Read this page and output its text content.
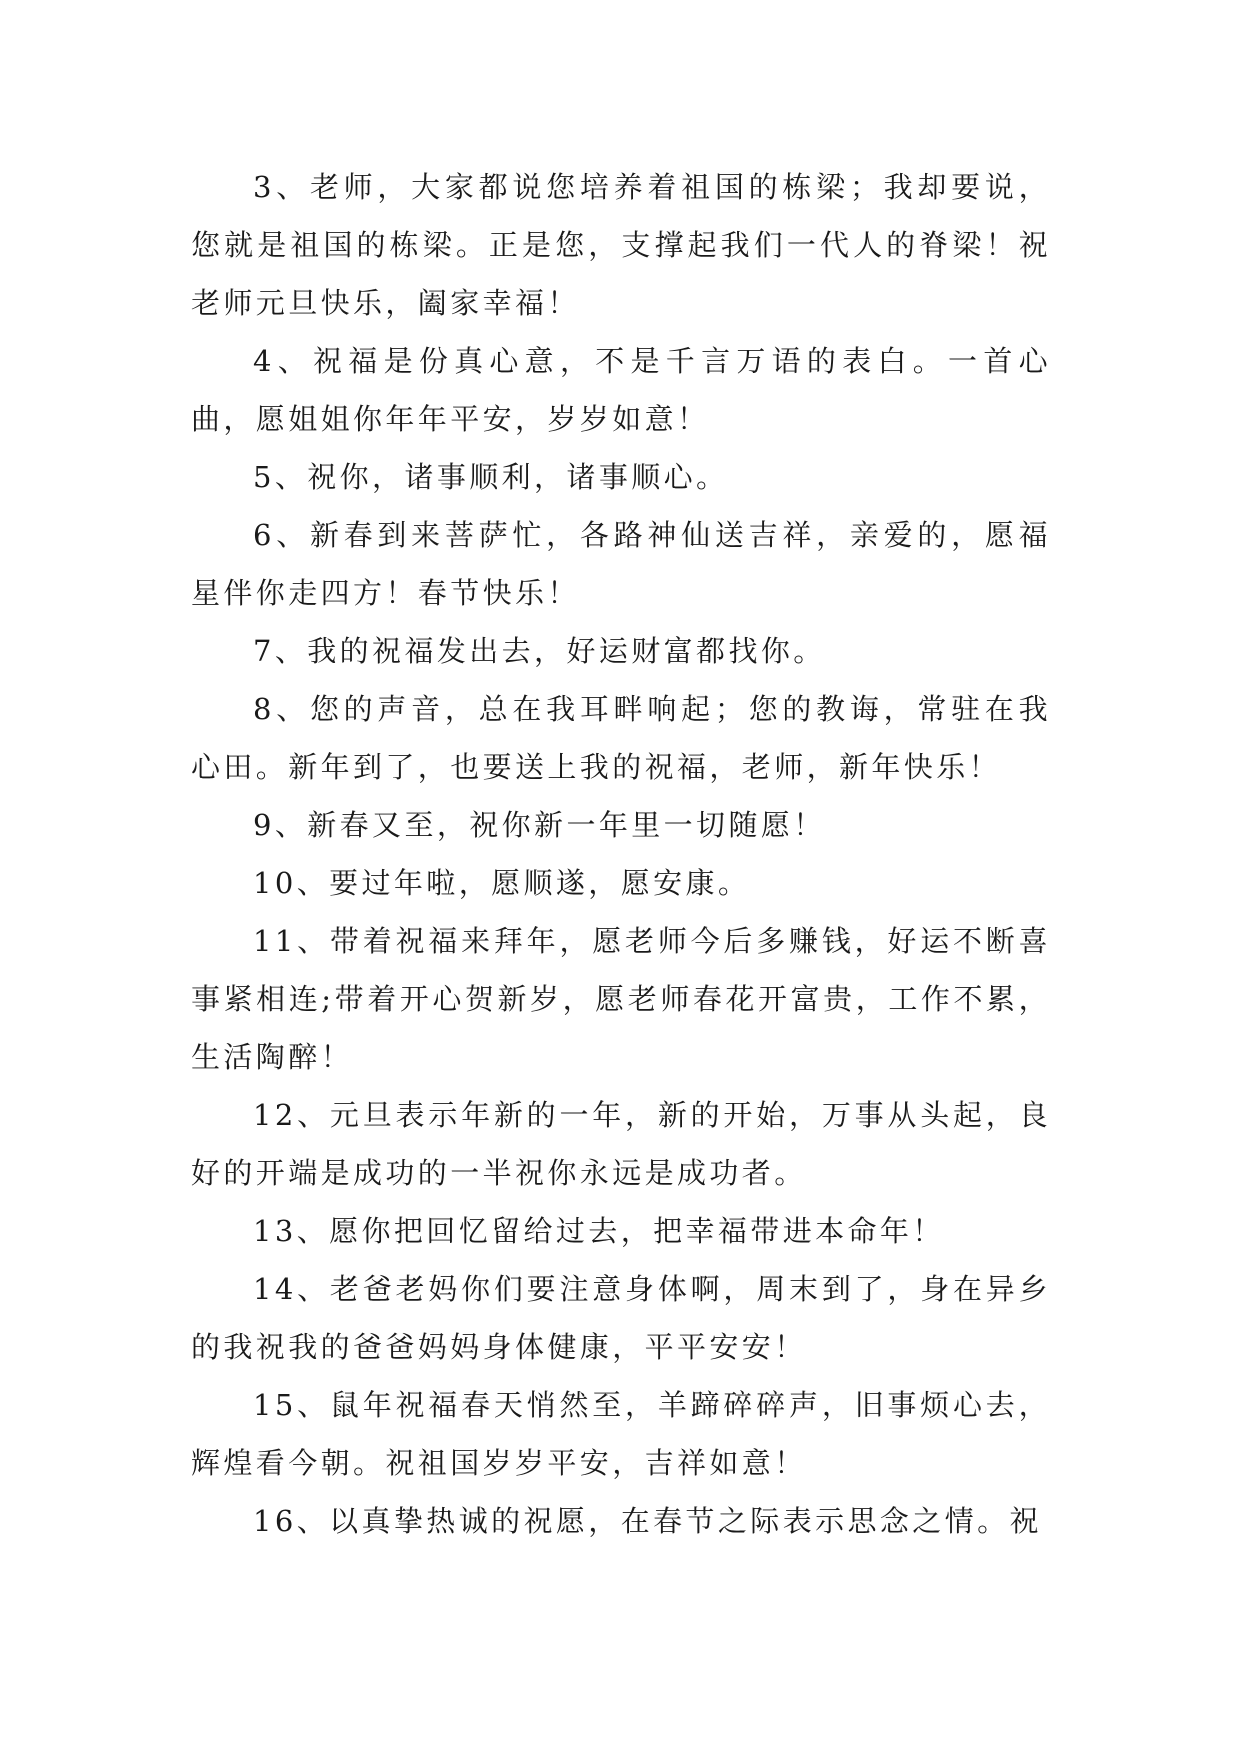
3、老师，大家都说您培养着祖国的栋梁；我却要说，您就是祖国的栋梁。正是您，支撑起我们一代人的脊梁！祝老师元旦快乐，阖家幸福！

4、祝福是份真心意，不是千言万语的表白。一首心曲，愿姐姐你年年平安，岁岁如意！

5、祝你，诸事顺利，诸事顺心。

6、新春到来菩萨忙，各路神仙送吉祥，亲爱的，愿福星伴你走四方！春节快乐！

7、我的祝福发出去，好运财富都找你。

8、您的声音，总在我耳畔响起；您的教诲，常驻在我心田。新年到了，也要送上我的祝福，老师，新年快乐！

9、新春又至，祝你新一年里一切随愿！

10、要过年啦，愿顺遂，愿安康。

11、带着祝福来拜年，愿老师今后多赚钱，好运不断喜事紧相连;带着开心贺新岁，愿老师春花开富贵，工作不累，生活陶醉！

12、元旦表示年新的一年，新的开始，万事从头起，良好的开端是成功的一半祝你永远是成功者。

13、愿你把回忆留给过去，把幸福带进本命年！

14、老爸老妈你们要注意身体啊，周末到了，身在异乡的我祝我的爸爸妈妈身体健康，平平安安！

15、鼠年祝福春天悄然至，羊蹄碎碎声，旧事烦心去，辉煌看今朝。祝祖国岁岁平安，吉祥如意！

16、以真挚热诚的祝愿，在春节之际表示思念之情。祝
